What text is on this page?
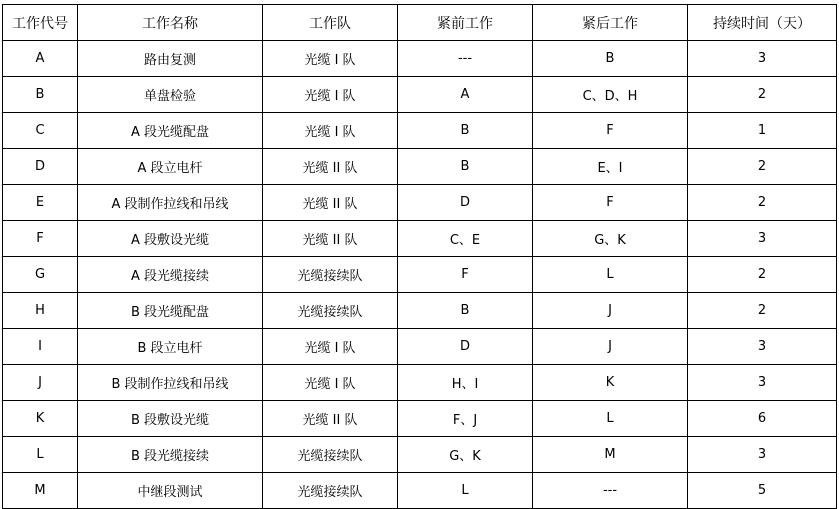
工作代号	工作名称	工作队	紧前工作	紧后工作	持续时间（天）
A	路由复测	光缆 I 队	---	B	3
B	单盘检验	光缆 I 队	A	C、D、H	2
C	A 段光缆配盘	光缆 I 队	B	F	1
D	A 段立电杆	光缆 II 队	B	E、I	2
E	A 段制作拉线和吊线	光缆 II 队	D	F	2
F	A 段敷设光缆	光缆 II 队	C、E	G、K	3
G	A 段光缆接续	光缆接续队	F	L	2
H	B 段光缆配盘	光缆接续队	B	J	2
I	B 段立电杆	光缆 I 队	D	J	3
J	B 段制作拉线和吊线	光缆 I 队	H、I	K	3
K	B 段敷设光缆	光缆 II 队	F、J	L	6
L	B 段光缆接续	光缆接续队	G、K	M	3
M	中继段测试	光缆接续队	L	---	5
